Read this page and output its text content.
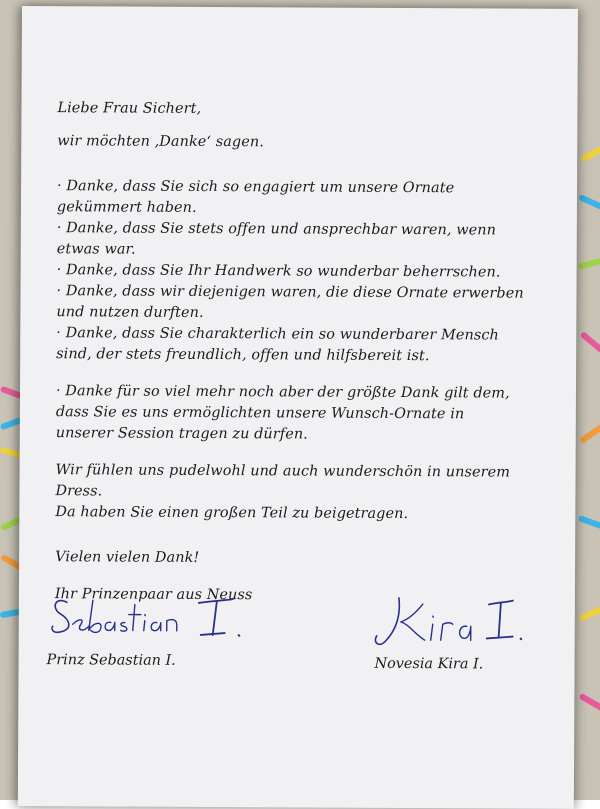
Liebe Frau Sichert,

wir möchten ‚Danke‘ sagen.

· Danke, dass Sie sich so engagiert um unsere Ornate gekümmert haben.

· Danke, dass Sie stets offen und ansprechbar waren, wenn etwas war.

· Danke, dass Sie Ihr Handwerk so wunderbar beherrschen.

· Danke, dass wir diejenigen waren, die diese Ornate erwerben und nutzen durften.

· Danke, dass Sie charakterlich ein so wunderbarer Mensch sind, der stets freundlich, offen und hilfsbereit ist.

· Danke für so viel mehr noch aber der größte Dank gilt dem, dass Sie es uns ermöglichten unsere Wunsch-Ornate in unserer Session tragen zu dürfen.

Wir fühlen uns pudelwohl und auch wunderschön in unserem Dress.

Da haben Sie einen großen Teil zu beigetragen.

Vielen vielen Dank!

Ihr Prinzenpaar aus Neuss

Prinz Sebastian I.	Novesia Kira I.
